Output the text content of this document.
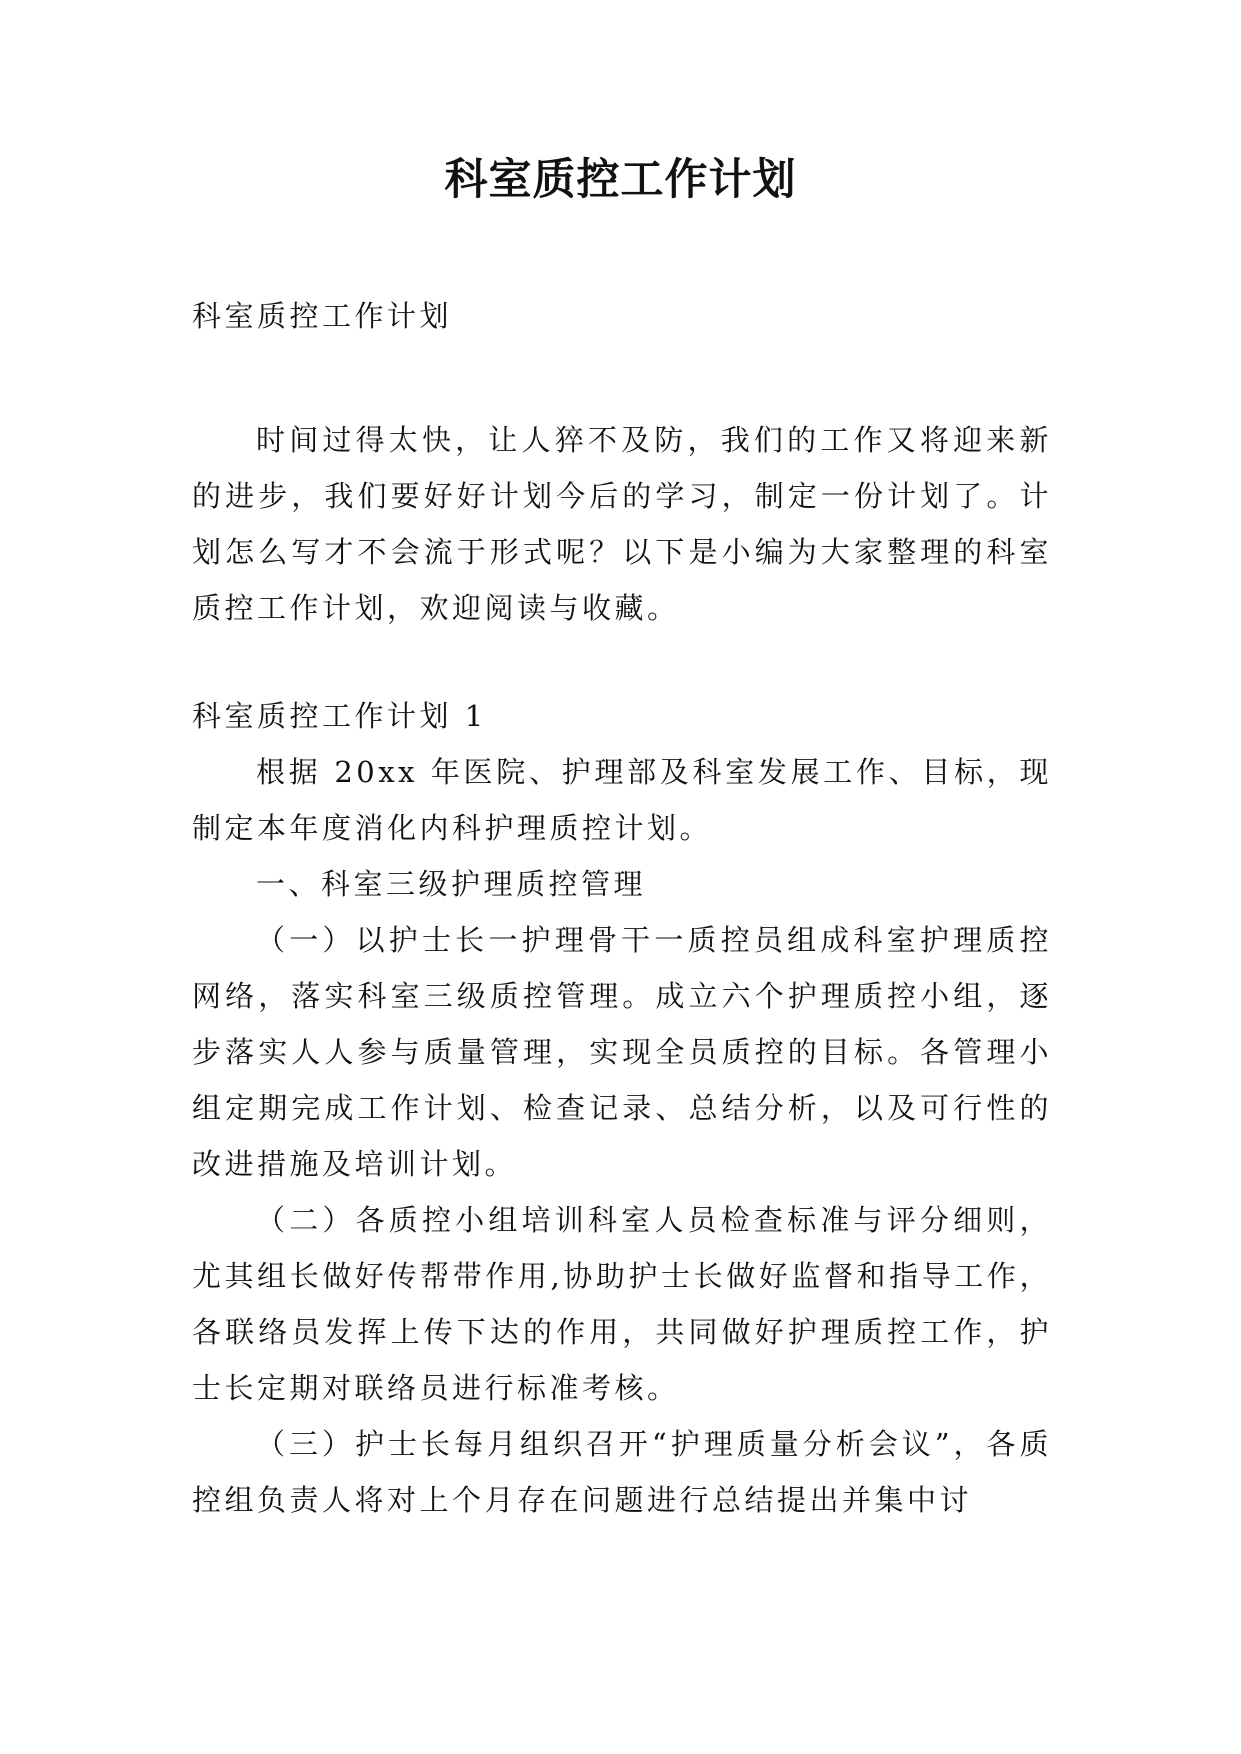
科室质控工作计划

科室质控工作计划

时间过得太快，让人猝不及防，我们的工作又将迎来新的进步，我们要好好计划今后的学习，制定一份计划了。计划怎么写才不会流于形式呢？以下是小编为大家整理的科室质控工作计划，欢迎阅读与收藏。

科室质控工作计划 1

根据 20xx 年医院、护理部及科室发展工作、目标，现制定本年度消化内科护理质控计划。

一、科室三级护理质控管理

（一）以护士长一护理骨干一质控员组成科室护理质控网络，落实科室三级质控管理。成立六个护理质控小组，逐步落实人人参与质量管理，实现全员质控的目标。各管理小组定期完成工作计划、检查记录、总结分析，以及可行性的改进措施及培训计划。

（二）各质控小组培训科室人员检查标准与评分细则，尤其组长做好传帮带作用,协助护士长做好监督和指导工作，各联络员发挥上传下达的作用，共同做好护理质控工作，护士长定期对联络员进行标准考核。

（三）护士长每月组织召开“护理质量分析会议”，各质控组负责人将对上个月存在问题进行总结提出并集中讨
